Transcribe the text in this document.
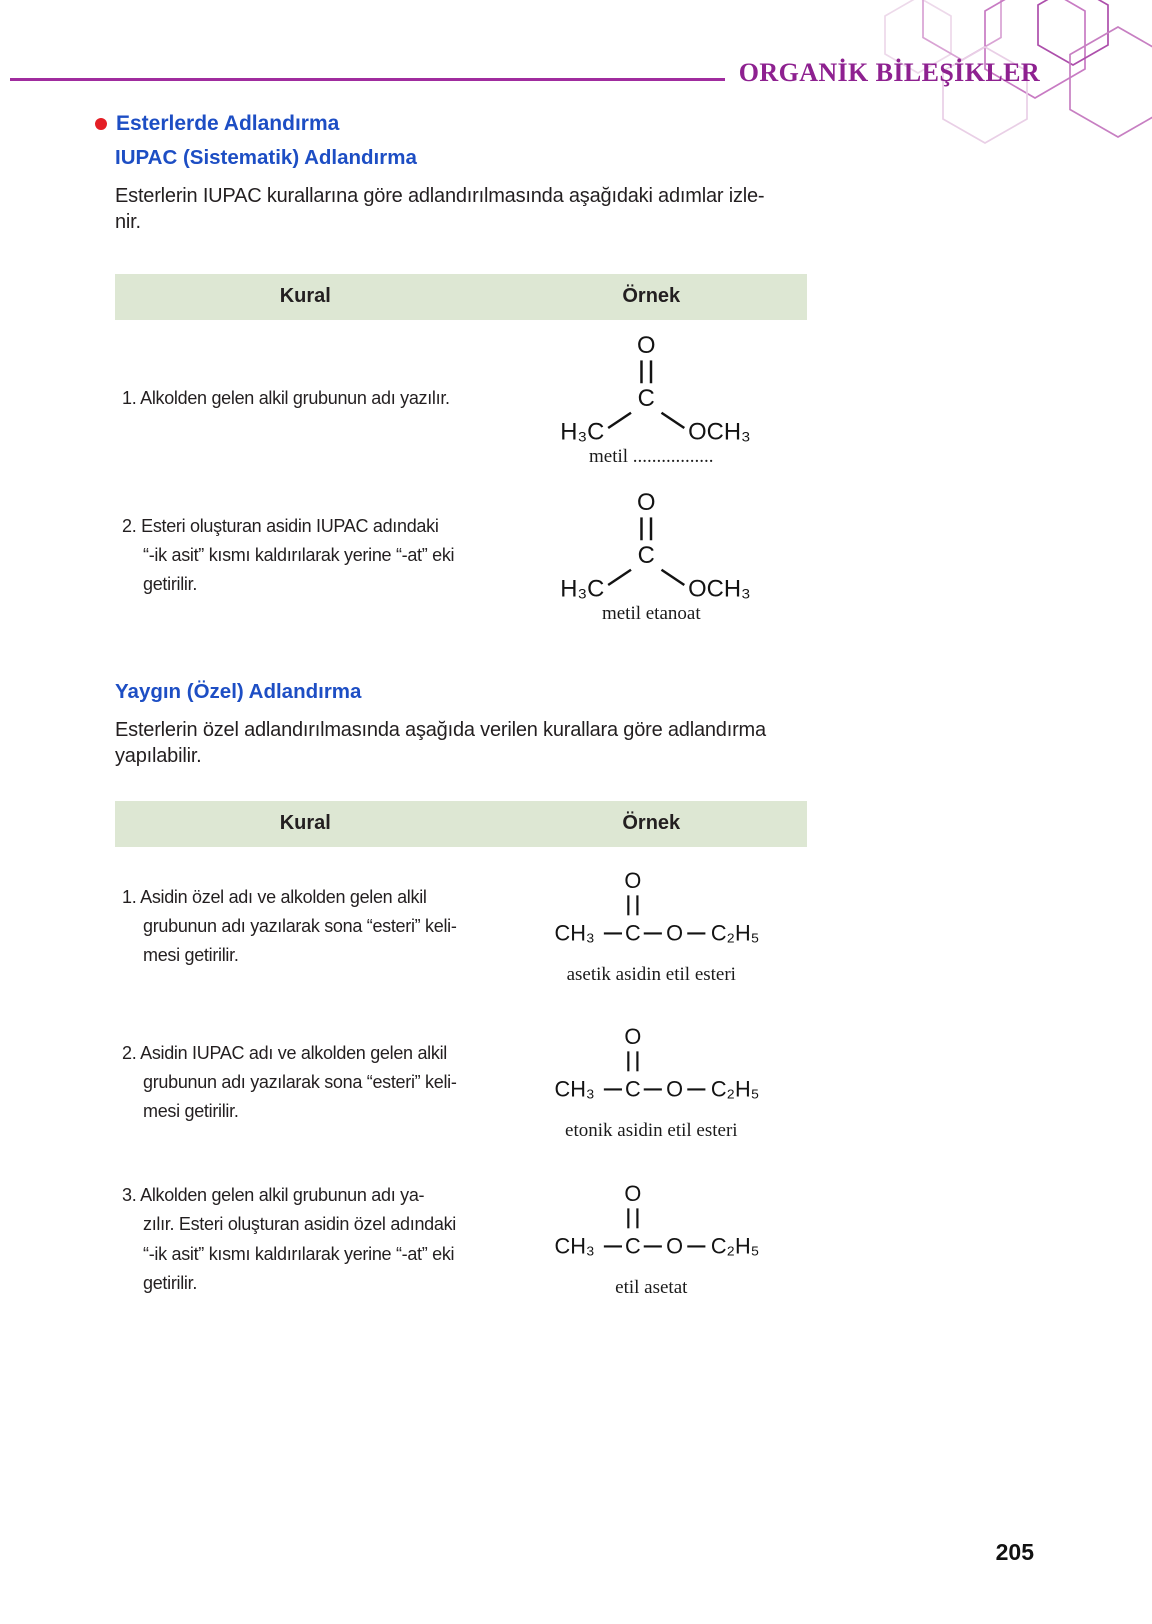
ORGANİK BİLEŞİKLER
Esterlerde Adlandırma
IUPAC (Sistematik) Adlandırma
Esterlerin IUPAC kurallarına göre adlandırılmasında aşağıdaki adımlar izle-
nir.
Kural	Örnek
1. Alkolden gelen alkil grubunun adı yazılır.
O
C
H₃C	OCH₃
metil .................
2. Esteri oluşturan asidin IUPAC adındaki
“-ik asit” kısmı kaldırılarak yerine “-at” eki
getirilir.
O
C
H₃C	OCH₃
metil etanoat
Yaygın (Özel) Adlandırma
Esterlerin özel adlandırılmasında aşağıda verilen kurallara göre adlandırma
yapılabilir.
Kural	Örnek
1. Asidin özel adı ve alkolden gelen alkil
grubunun adı yazılarak sona “esteri” keli-
mesi getirilir.
O
CH₃ C O C₂H₅
asetik asidin etil esteri
2. Asidin IUPAC adı ve alkolden gelen alkil
grubunun adı yazılarak sona “esteri” keli-
mesi getirilir.
O
CH₃ C O C₂H₅
etonik asidin etil esteri
3. Alkolden gelen alkil grubunun adı ya-
zılır. Esteri oluşturan asidin özel adındaki
“-ik asit” kısmı kaldırılarak yerine “-at” eki
getirilir.
O
CH₃ C O C₂H₅
etil asetat
205
